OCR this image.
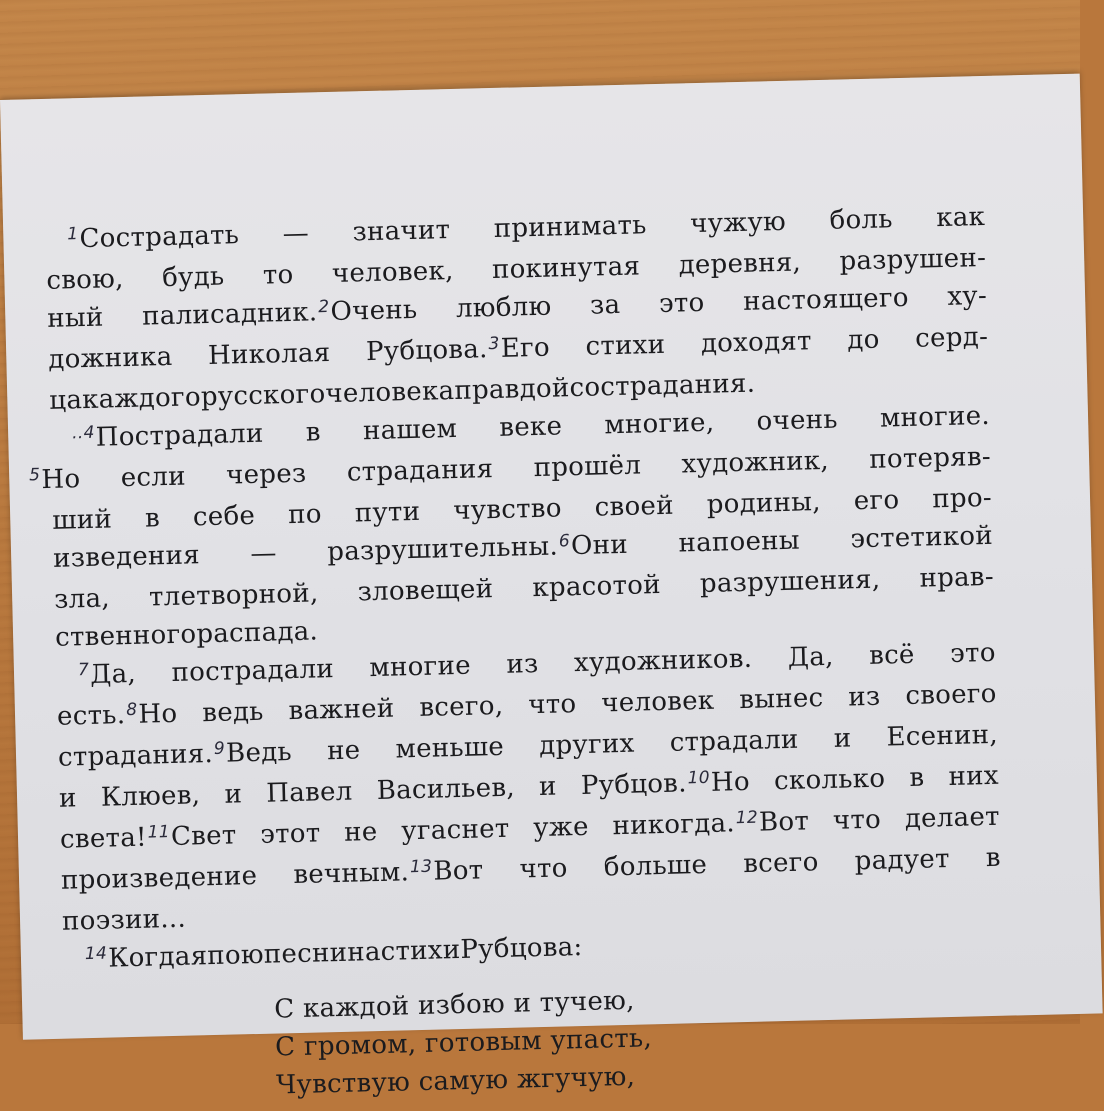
$^1$Сострадать — значит принимать чужую боль как
свою, будь то человек, покинутая деревня, разрушен-
ный палисадник.$^2$Очень люблю за это настоящего ху-
дожника Николая Рубцова.$^3$Его стихи доходят до серд-
ца каждого русского человека правдой сострадания.
$^{..4}$Пострадали в нашем веке многие, очень многие.
$^5$Но если через страдания прошёл художник, потеряв-
ший в себе по пути чувство своей родины, его про-
изведения — разрушительны.$^6$Они напоены эстетикой
зла, тлетворной, зловещей красотой разрушения, нрав-
ственного распада.
$^7$Да, пострадали многие из художников. Да, всё это
есть.$^8$Но ведь важней всего, что человек вынес из своего
страдания.$^9$Ведь не меньше других страдали и Есенин,
и Клюев, и Павел Васильев, и Рубцов.$^{10}$Но сколько в них
света!$^{11}$Свет этот не угаснет уже никогда.$^{12}$Вот что делает
произведение вечным.$^{13}$Вот что больше всего радует в
поэзии...
$^{14}$Когда я пою песни на стихи Рубцова:
С каждой избою и тучею,
С громом, готовым упасть,
Чувствую самую жгучую,
